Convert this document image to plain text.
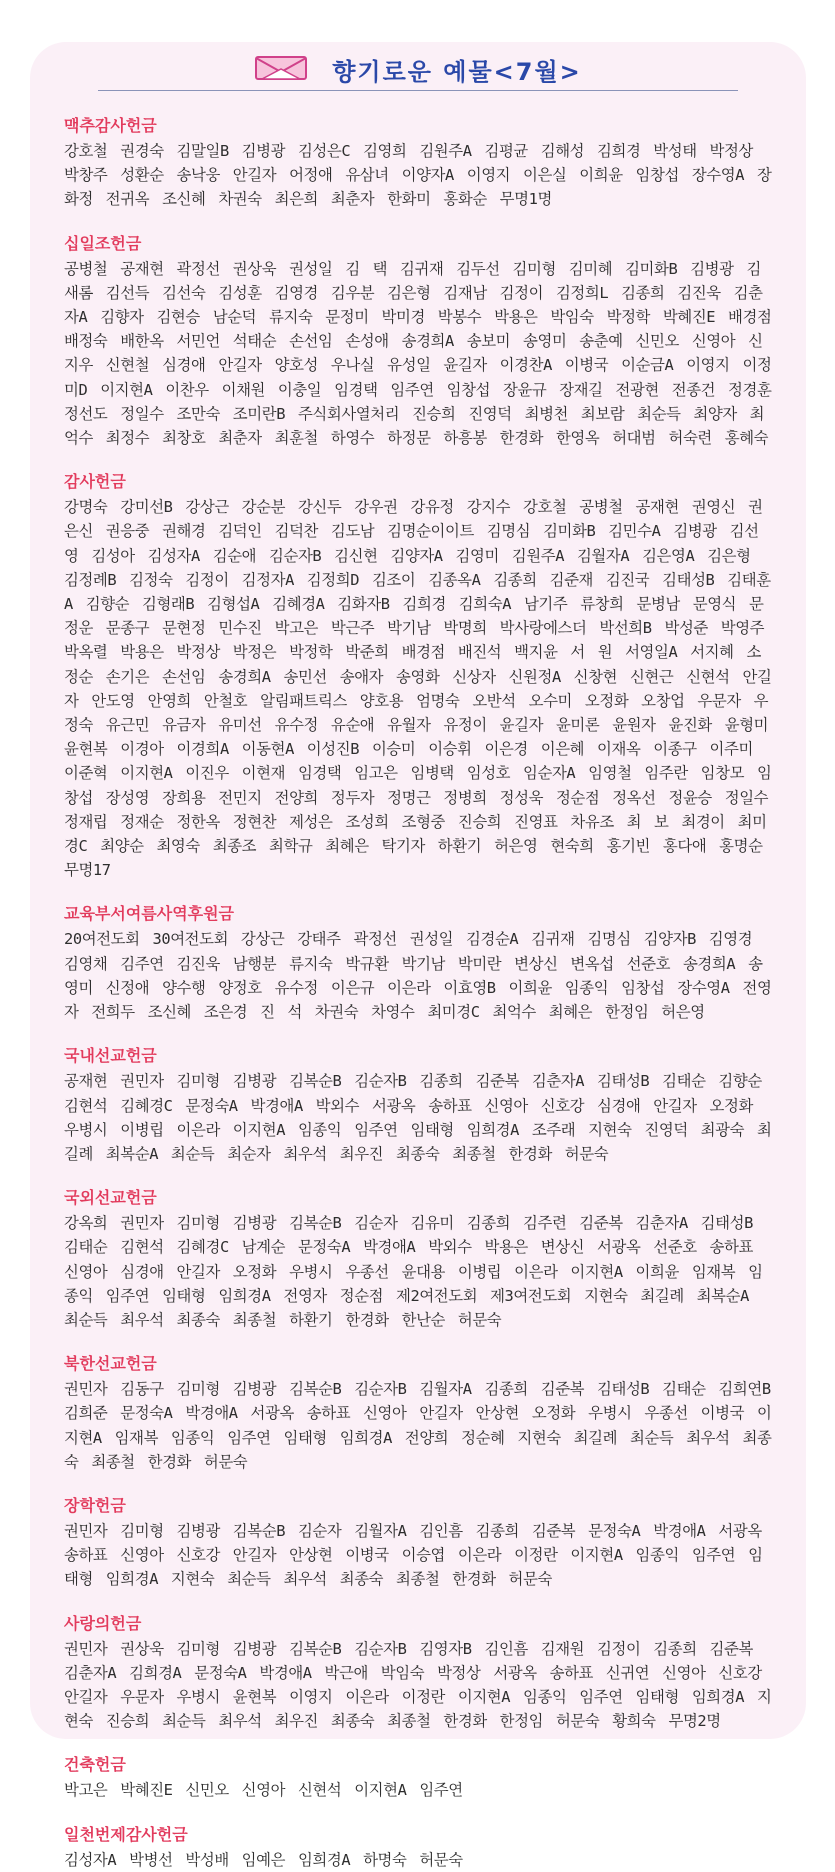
향기로운 예물<7월>
맥추감사헌금

강호철 권경숙 김말일B 김병광 김성은C 김영희 김원주A 김평균 김해성 김희경 박성태 박정상 박창주 성환순 송낙웅 안길자 어정애 유삼녀 이양자A 이영지 이은실 이희윤 임창섭 장수영A 장화정 전귀옥 조신혜 차권숙 최은희 최춘자 한화미 홍화순 무명1명

십일조헌금

공병철 공재현 곽정선 권상욱 권성일 김 택 김귀재 김두선 김미형 김미혜 김미화B 김병광 김새롬 김선득 김선숙 김성훈 김영경 김우분 김은형 김재남 김정이 김정희L 김종희 김진욱 김춘자A 김향자 김현승 남순덕 류지숙 문정미 박미경 박봉수 박용은 박임숙 박정학 박혜진E 배경점 배정숙 배한옥 서민언 석태순 손선임 손성애 송경희A 송보미 송영미 송춘예 신민오 신영아 신지우 신현철 심경애 안길자 양호성 우나실 유성일 윤길자 이경찬A 이병국 이순금A 이영지 이정미D 이지현A 이찬우 이채원 이충일 임경택 임주연 임창섭 장윤규 장재길 전광현 전종건 정경훈 정선도 정일수 조만숙 조미란B 주식회사열처리 진승희 진영덕 최병천 최보람 최순득 최양자 최억수 최정수 최창호 최춘자 최훈철 하영수 하정문 하흥봉 한경화 한영옥 허대범 허숙련 홍혜숙

감사헌금

강명숙 강미선B 강상근 강순분 강신두 강우권 강유정 강지수 강호철 공병철 공재현 권영신 권은신 권응중 권해경 김덕인 김덕찬 김도남 김명순이이트 김명심 김미화B 김민수A 김병광 김선영 김성아 김성자A 김순애 김순자B 김신현 김양자A 김영미 김원주A 김월자A 김은영A 김은형 김정례B 김정숙 김정이 김정자A 김정희D 김조이 김종옥A 김종희 김준재 김진국 김태성B 김태훈A 김향순 김형래B 김형섭A 김혜경A 김화자B 김희경 김희숙A 남기주 류창희 문병남 문영식 문정운 문종구 문현정 민수진 박고은 박근주 박기남 박명희 박사랑에스더 박선희B 박성준 박영주 박옥렬 박용은 박정상 박정은 박정학 박준희 배경점 배진석 백지윤 서 원 서영일A 서지혜 소정순 손기은 손선임 송경희A 송민선 송애자 송영화 신상자 신원정A 신창현 신현근 신현석 안길자 안도영 안영희 안철호 알림패트릭스 양호용 엄명숙 오반석 오수미 오정화 오창업 우문자 우정숙 유근민 유금자 유미선 유수정 유순애 유월자 유정이 윤길자 윤미론 윤원자 윤진화 윤형미 윤현복 이경아 이경희A 이동현A 이성진B 이승미 이승휘 이은경 이은혜 이재옥 이종구 이주미 이준혁 이지현A 이진우 이현재 임경택 임고은 임병택 임성호 임순자A 임영철 임주란 임창모 임창섭 장성영 장희용 전민지 전양희 정두자 정명근 정병희 정성욱 정순점 정옥선 정윤승 정일수 정재립 정재순 정한옥 정현찬 제성은 조성희 조형중 진승희 진영표 차유조 최 보 최경이 최미경C 최양순 최영숙 최종조 최학규 최혜은 탁기자 하환기 허은영 현숙희 홍기빈 홍다애 홍명순 무명17

교육부서여름사역후원금

20여전도회 30여전도회 강상근 강태주 곽정선 권성일 김경순A 김귀재 김명심 김양자B 김영경 김영채 김주연 김진욱 남행분 류지숙 박규환 박기남 박미란 변상신 변옥섭 선준호 송경희A 송영미 신정애 양수행 양정호 유수정 이은규 이은라 이효영B 이희윤 임종익 임창섭 장수영A 전영자 전희두 조신혜 조은경 진 석 차권숙 차영수 최미경C 최억수 최혜은 한정임 허은영

국내선교헌금

공재현 권민자 김미형 김병광 김복순B 김순자B 김종희 김준복 김춘자A 김태성B 김태순 김향순 김현석 김혜경C 문정숙A 박경애A 박외수 서광옥 송하표 신영아 신호강 심경애 안길자 오정화 우병시 이병립 이은라 이지현A 임종익 임주연 임태형 임희경A 조주래 지현숙 진영덕 최광숙 최길례 최복순A 최순득 최순자 최우석 최우진 최종숙 최종철 한경화 허문숙

국외선교헌금

강옥희 권민자 김미형 김병광 김복순B 김순자 김유미 김종희 김주련 김준복 김춘자A 김태성B 김태순 김현석 김혜경C 남계순 문정숙A 박경애A 박외수 박용은 변상신 서광옥 선준호 송하표 신영아 심경애 안길자 오정화 우병시 우종선 윤대용 이병립 이은라 이지현A 이희윤 임재복 임종익 임주연 임태형 임희경A 전영자 정순점 제2여전도회 제3여전도회 지현숙 최길례 최복순A 최순득 최우석 최종숙 최종철 하환기 한경화 한난순 허문숙

북한선교헌금

권민자 김동구 김미형 김병광 김복순B 김순자B 김월자A 김종희 김준복 김태성B 김태순 김희연B 김희준 문정숙A 박경애A 서광옥 송하표 신영아 안길자 안상현 오정화 우병시 우종선 이병국 이지현A 임재복 임종익 임주연 임태형 임희경A 전양희 정순혜 지현숙 최길례 최순득 최우석 최종숙 최종철 한경화 허문숙

장학헌금

권민자 김미형 김병광 김복순B 김순자 김월자A 김인흠 김종희 김준복 문정숙A 박경애A 서광옥 송하표 신영아 신호강 안길자 안상현 이병국 이승엽 이은라 이정란 이지현A 임종익 임주연 임태형 임희경A 지현숙 최순득 최우석 최종숙 최종철 한경화 허문숙

사랑의헌금

권민자 권상욱 김미형 김병광 김복순B 김순자B 김영자B 김인흠 김재원 김정이 김종희 김준복 김춘자A 김희경A 문정숙A 박경애A 박근애 박임숙 박정상 서광옥 송하표 신귀연 신영아 신호강 안길자 우문자 우병시 윤현복 이영지 이은라 이정란 이지현A 임종익 임주연 임태형 임희경A 지현숙 진승희 최순득 최우석 최우진 최종숙 최종철 한경화 한정임 허문숙 황희숙 무명2명

건축헌금

박고은 박혜진E 신민오 신영아 신현석 이지현A 임주연

일천번제감사헌금

김성자A 박병선 박성배 임예은 임희경A 하명숙 허문숙
